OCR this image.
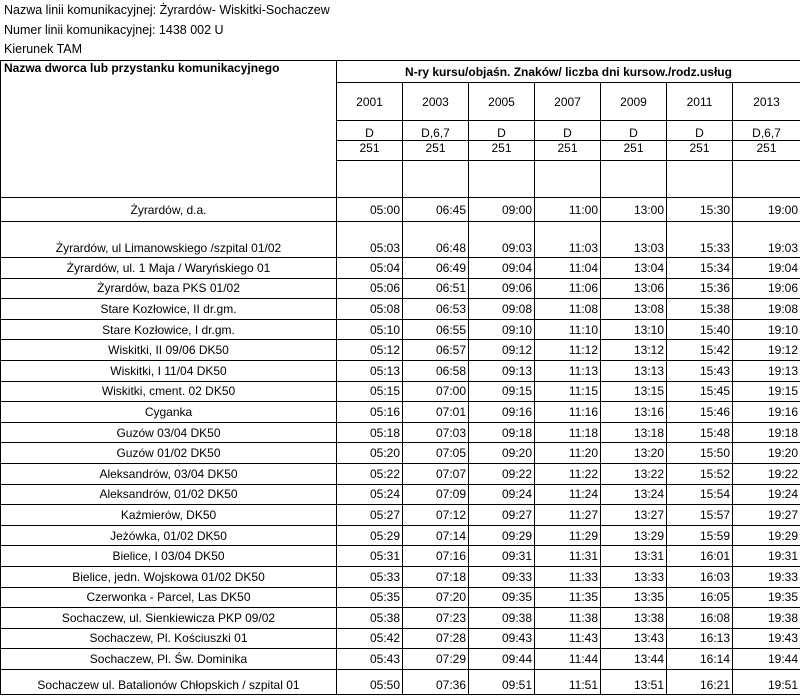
Nazwa linii komunikacyjnej: Żyrardów- Wiskitki-Sochaczew
Numer linii komunikacyjnej: 1438 002 U
Kierunek TAM
Nazwa dworca lub przystanku komunikacyjnego	N-ry kursu/objaśn. Znaków/ liczba dni kursow./rodz.usług						
	2001	2003	2005	2007	2009	2011	2013
	D	D,6,7	D	D	D	D	D,6,7
	251	251	251	251	251	251	251

Żyrardów, d.a.	05:00	06:45	09:00	11:00	13:00	15:30	19:00
Żyrardów, ul Limanowskiego /szpital 01/02	05:03	06:48	09:03	11:03	13:03	15:33	19:03
Żyrardów, ul. 1 Maja / Waryńskiego 01	05:04	06:49	09:04	11:04	13:04	15:34	19:04
Żyrardów, baza PKS 01/02	05:06	06:51	09:06	11:06	13:06	15:36	19:06
Stare Kozłowice, II dr.gm.	05:08	06:53	09:08	11:08	13:08	15:38	19:08
Stare Kozłowice, I dr.gm.	05:10	06:55	09:10	11:10	13:10	15:40	19:10
Wiskitki, II 09/06 DK50	05:12	06:57	09:12	11:12	13:12	15:42	19:12
Wiskitki, I 11/04 DK50	05:13	06:58	09:13	11:13	13:13	15:43	19:13
Wiskitki, cment. 02 DK50	05:15	07:00	09:15	11:15	13:15	15:45	19:15
Cyganka	05:16	07:01	09:16	11:16	13:16	15:46	19:16
Guzów 03/04 DK50	05:18	07:03	09:18	11:18	13:18	15:48	19:18
Guzów 01/02 DK50	05:20	07:05	09:20	11:20	13:20	15:50	19:20
Aleksandrów, 03/04 DK50	05:22	07:07	09:22	11:22	13:22	15:52	19:22
Aleksandrów, 01/02 DK50	05:24	07:09	09:24	11:24	13:24	15:54	19:24
Kaźmierów, DK50	05:27	07:12	09:27	11:27	13:27	15:57	19:27
Jeżówka, 01/02 DK50	05:29	07:14	09:29	11:29	13:29	15:59	19:29
Bielice, I 03/04 DK50	05:31	07:16	09:31	11:31	13:31	16:01	19:31
Bielice, jedn. Wojskowa 01/02 DK50	05:33	07:18	09:33	11:33	13:33	16:03	19:33
Czerwonka - Parcel, Las DK50	05:35	07:20	09:35	11:35	13:35	16:05	19:35
Sochaczew, ul. Sienkiewicza PKP 09/02	05:38	07:23	09:38	11:38	13:38	16:08	19:38
Sochaczew, Pl. Kościuszki 01	05:42	07:28	09:43	11:43	13:43	16:13	19:43
Sochaczew, Pl. Św. Dominika	05:43	07:29	09:44	11:44	13:44	16:14	19:44
Sochaczew ul. Batalionów Chłopskich / szpital 01	05:50	07:36	09:51	11:51	13:51	16:21	19:51
